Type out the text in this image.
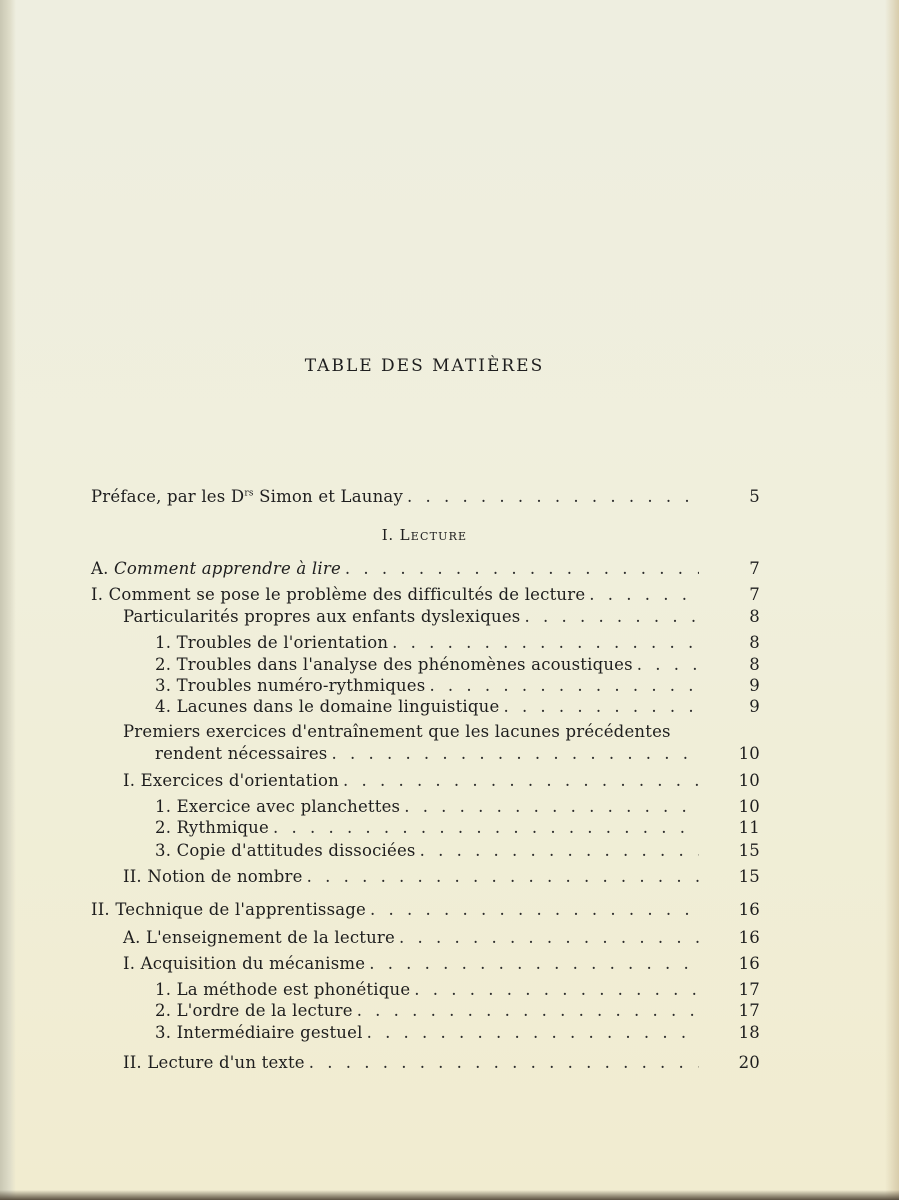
TABLE DES MATIÈRES
Préface, par les $D^{rs}$ Simon et Launay . . .	5
I. Lecture
A. Comment apprendre à lire . . .	7
I. Comment se pose le problème des difficultés de lecture . . .	7
Particularités propres aux enfants dyslexiques . . .	8
1. Troubles de l'orientation . . .	8
2. Troubles dans l'analyse des phénomènes acoustiques . . .	8
3. Troubles numéro-rythmiques . . .	9
4. Lacunes dans le domaine linguistique . . .	9
Premiers exercices d'entraînement que les lacunes précédentes
rendent nécessaires . . .	10
I. Exercices d'orientation . . .	10
1. Exercice avec planchettes . . .	10
2. Rythmique . . .	11
3. Copie d'attitudes dissociées . . .	15
II. Notion de nombre . . .	15
II. Technique de l'apprentissage . . .	16
A. L'enseignement de la lecture . . .	16
I. Acquisition du mécanisme . . .	16
1. La méthode est phonétique . . .	17
2. L'ordre de la lecture . . .	17
3. Intermédiaire gestuel . . .	18
II. Lecture d'un texte . . .	20
